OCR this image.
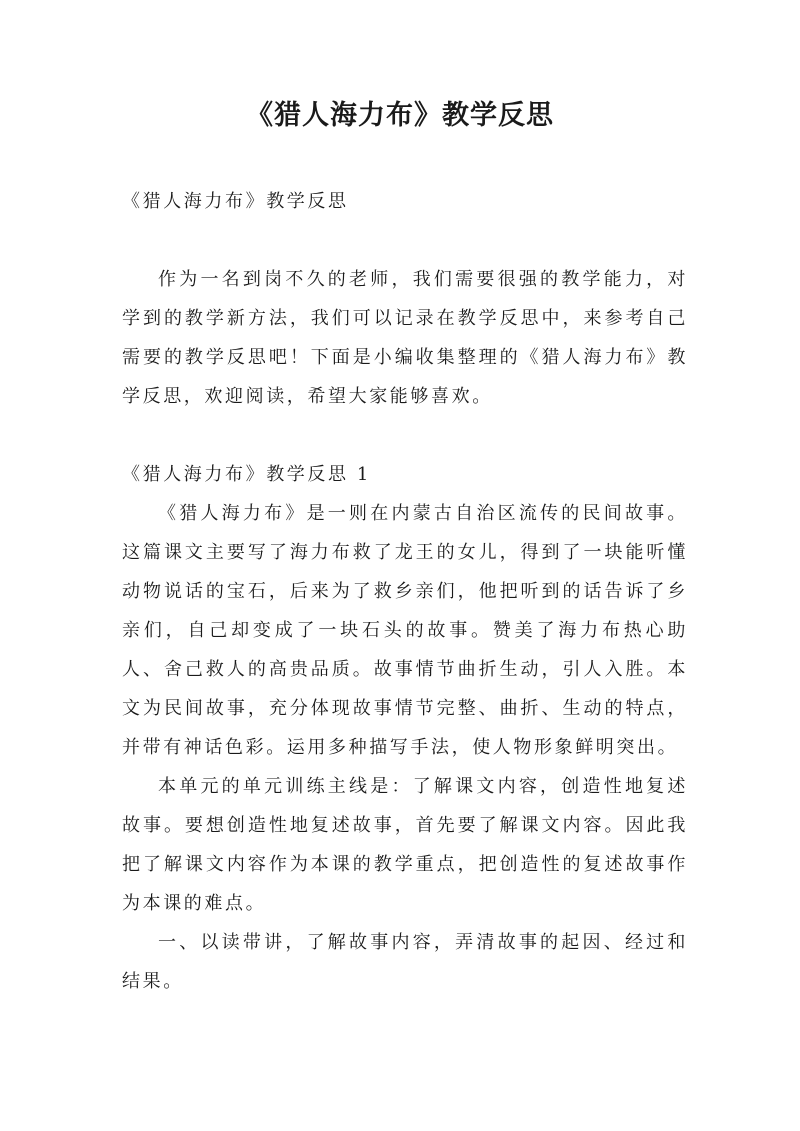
《猎人海力布》教学反思

《猎人海力布》教学反思

作为一名到岗不久的老师，我们需要很强的教学能力，对学到的教学新方法，我们可以记录在教学反思中，来参考自己需要的教学反思吧！下面是小编收集整理的《猎人海力布》教学反思，欢迎阅读，希望大家能够喜欢。

《猎人海力布》教学反思 1

《猎人海力布》是一则在内蒙古自治区流传的民间故事。这篇课文主要写了海力布救了龙王的女儿，得到了一块能听懂动物说话的宝石，后来为了救乡亲们，他把听到的话告诉了乡亲们，自己却变成了一块石头的故事。赞美了海力布热心助人、舍己救人的高贵品质。故事情节曲折生动，引人入胜。本文为民间故事，充分体现故事情节完整、曲折、生动的特点，并带有神话色彩。运用多种描写手法，使人物形象鲜明突出。

本单元的单元训练主线是：了解课文内容，创造性地复述故事。要想创造性地复述故事，首先要了解课文内容。因此我把了解课文内容作为本课的教学重点，把创造性的复述故事作为本课的难点。

一、以读带讲，了解故事内容，弄清故事的起因、经过和结果。
